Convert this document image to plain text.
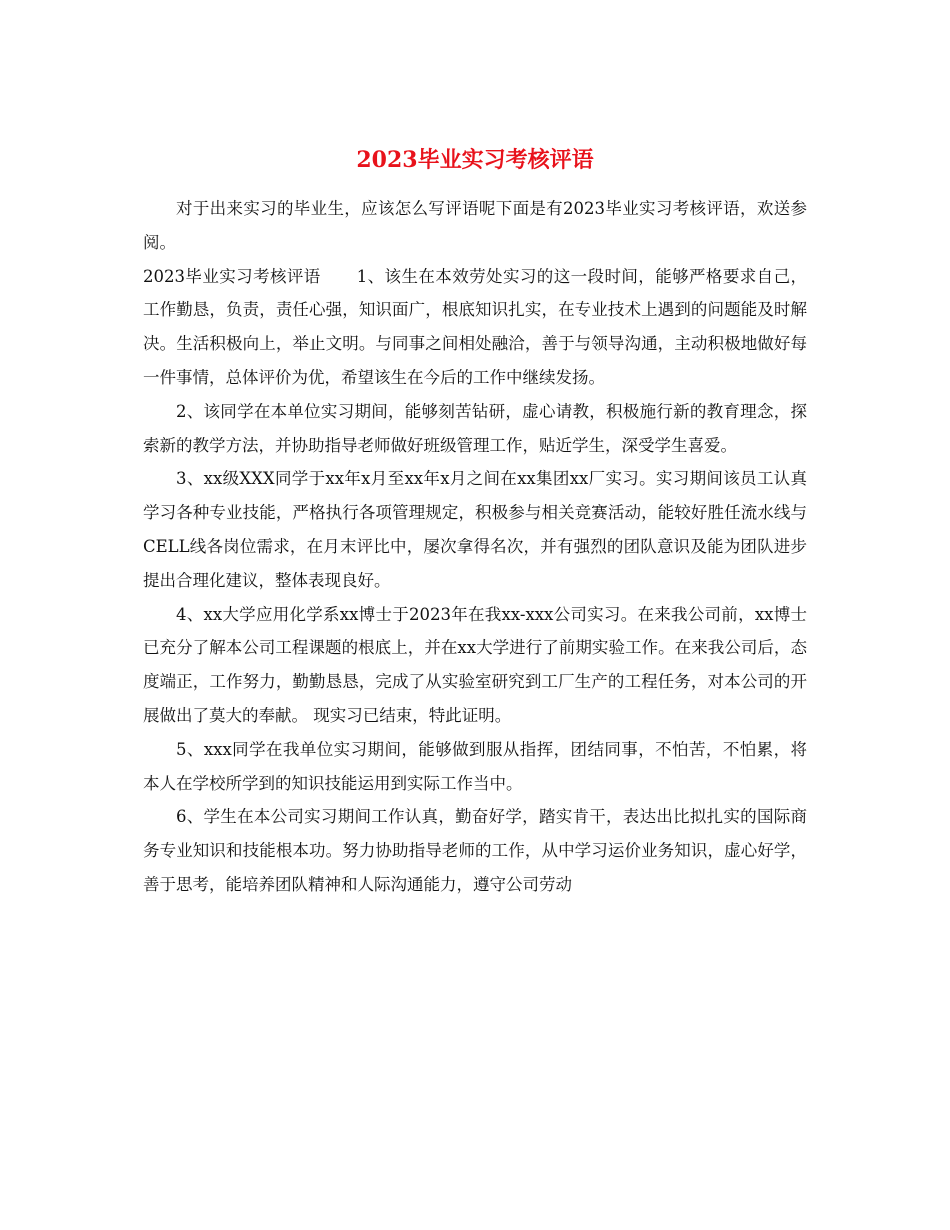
2023毕业实习考核评语

对于出来实习的毕业生，应该怎么写评语呢下面是有2023毕业实习考核评语，欢送参阅。

2023毕业实习考核评语 1、该生在本效劳处实习的这一段时间，能够严格要求自己，工作勤恳，负责，责任心强，知识面广，根底知识扎实，在专业技术上遇到的问题能及时解决。生活积极向上，举止文明。与同事之间相处融洽，善于与领导沟通，主动积极地做好每一件事情，总体评价为优，希望该生在今后的工作中继续发扬。

2、该同学在本单位实习期间，能够刻苦钻研，虚心请教，积极施行新的教育理念，探索新的教学方法，并协助指导老师做好班级管理工作，贴近学生，深受学生喜爱。

3、xx级XXX同学于xx年x月至xx年x月之间在xx集团xx厂实习。实习期间该员工认真学习各种专业技能，严格执行各项管理规定，积极参与相关竞赛活动，能较好胜任流水线与CELL线各岗位需求，在月末评比中，屡次拿得名次，并有强烈的团队意识及能为团队进步提出合理化建议，整体表现良好。

4、xx大学应用化学系xx博士于2023年在我xx-xxx公司实习。在来我公司前，xx博士已充分了解本公司工程课题的根底上，并在xx大学进行了前期实验工作。在来我公司后，态度端正，工作努力，勤勤恳恳，完成了从实验室研究到工厂生产的工程任务，对本公司的开展做出了莫大的奉献。 现实习已结束，特此证明。

5、xxx同学在我单位实习期间，能够做到服从指挥，团结同事，不怕苦，不怕累，将本人在学校所学到的知识技能运用到实际工作当中。

6、学生在本公司实习期间工作认真，勤奋好学，踏实肯干，表达出比拟扎实的国际商务专业知识和技能根本功。努力协助指导老师的工作，从中学习运价业务知识，虚心好学，善于思考，能培养团队精神和人际沟通能力，遵守公司劳动
